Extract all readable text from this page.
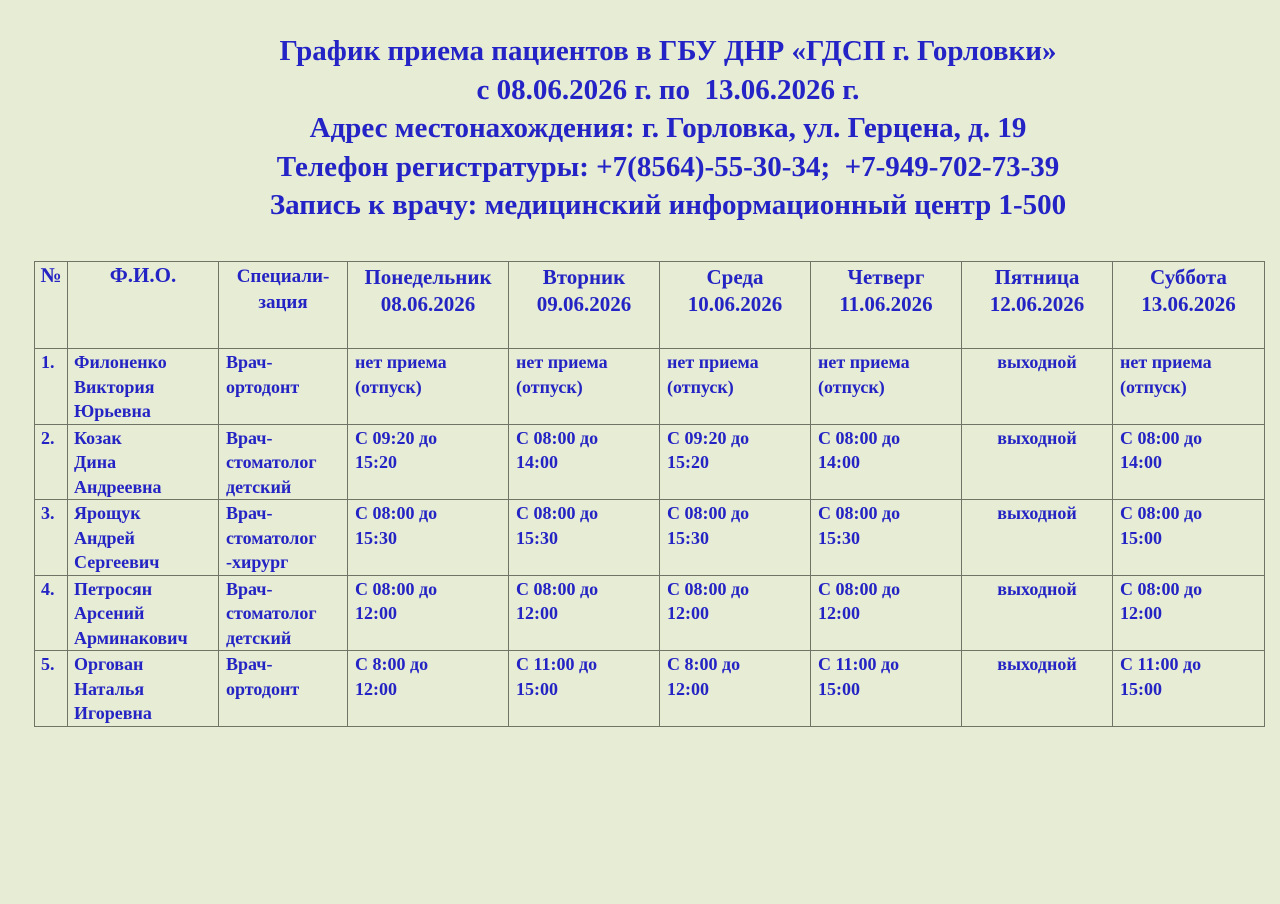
График приема пациентов в ГБУ ДНР «ГДСП г. Горловки»
с 08.06.2026 г. по  13.06.2026 г.
Адрес местонахождения: г. Горловка, ул. Герцена, д. 19
Телефон регистратуры: +7(8564)-55-30-34;  +7-949-702-73-39
Запись к врачу: медицинский информационный центр 1-500
№	Ф.И.О.	Специали-
зация	Понедельник
08.06.2026	Вторник
09.06.2026	Среда
10.06.2026	Четверг
11.06.2026	Пятница
12.06.2026	Суббота
13.06.2026

1.	Филоненко
Виктория
Юрьевна	Врач-
ортодонт	нет приема
(отпуск)	нет приема
(отпуск)	нет приема
(отпуск)	нет приема
(отпуск)	выходной	нет приема
(отпуск)

2.	Козак
Дина
Андреевна	Врач-
стоматолог
детский	С 09:20 до
15:20	С 08:00 до
14:00	С 09:20 до
15:20	С 08:00 до
14:00	выходной	С 08:00 до
14:00

3.	Ярощук
Андрей
Сергеевич	Врач-
стоматолог
-хирург	С 08:00 до
15:30	С 08:00 до
15:30	С 08:00 до
15:30	С 08:00 до
15:30	выходной	С 08:00 до
15:00

4.	Петросян
Арсений
Арминакович	Врач-
стоматолог
детский	С 08:00 до
12:00	С 08:00 до
12:00	С 08:00 до
12:00	С 08:00 до
12:00	выходной	С 08:00 до
12:00

5.	Оргован
Наталья
Игоревна	Врач-
ортодонт	С 8:00 до
12:00	С 11:00 до
15:00	С 8:00 до
12:00	С 11:00 до
15:00	выходной	С 11:00 до
15:00
